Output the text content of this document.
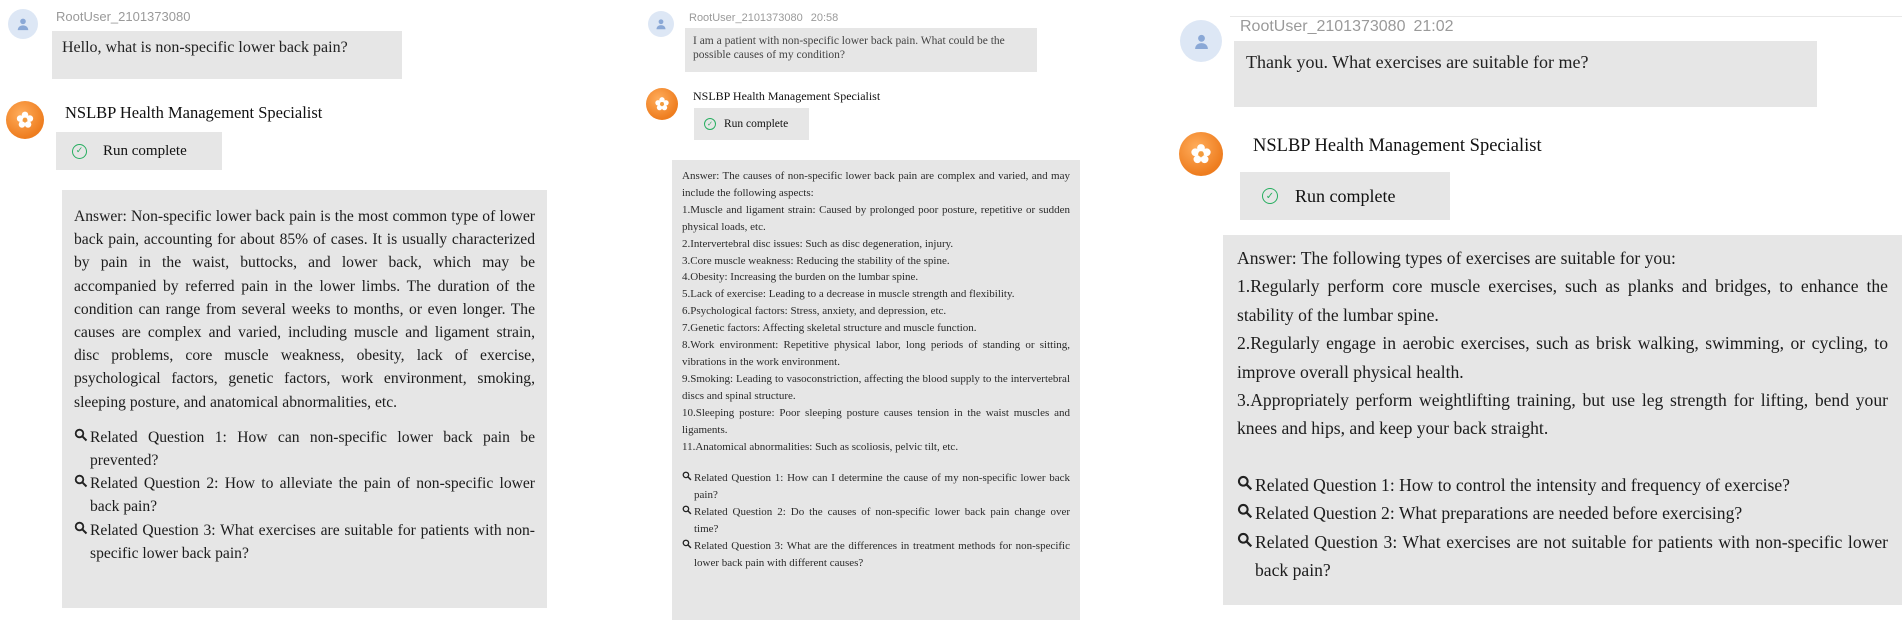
RootUser_2101373080
Hello, what is non-specific lower back pain?
NSLBP Health Management Specialist
✓ Run complete

Answer: Non-specific lower back pain is the most common type of lower back pain, accounting for about 85% of cases. It is usually characterized by pain in the waist, buttocks, and lower back, which may be accompanied by referred pain in the lower limbs. The duration of the condition can range from several weeks to months, or even longer. The causes are complex and varied, including muscle and ligament strain, disc problems, core muscle weakness, obesity, lack of exercise, psychological factors, genetic factors, work environment, smoking, sleeping posture, and anatomical abnormalities, etc.

Related Question 1: How can non-specific lower back pain be prevented?
Related Question 2: How to alleviate the pain of non-specific lower back pain?
Related Question 3: What exercises are suitable for patients with non-specific lower back pain?
RootUser_2101373080 20:58
I am a patient with non-specific lower back pain. What could be the possible causes of my condition?
NSLBP Health Management Specialist
✓ Run complete

Answer: The causes of non-specific lower back pain are complex and varied, and may include the following aspects:

1.Muscle and ligament strain: Caused by prolonged poor posture, repetitive or sudden physical loads, etc.

2.Intervertebral disc issues: Such as disc degeneration, injury.

3.Core muscle weakness: Reducing the stability of the spine.

4.Obesity: Increasing the burden on the lumbar spine.

5.Lack of exercise: Leading to a decrease in muscle strength and flexibility.

6.Psychological factors: Stress, anxiety, and depression, etc.

7.Genetic factors: Affecting skeletal structure and muscle function.

8.Work environment: Repetitive physical labor, long periods of standing or sitting, vibrations in the work environment.

9.Smoking: Leading to vasoconstriction, affecting the blood supply to the intervertebral discs and spinal structure.

10.Sleeping posture: Poor sleeping posture causes tension in the waist muscles and ligaments.

11.Anatomical abnormalities: Such as scoliosis, pelvic tilt, etc.

Related Question 1: How can I determine the cause of my non-specific lower back pain?
Related Question 2: Do the causes of non-specific lower back pain change over time?
Related Question 3: What are the differences in treatment methods for non-specific lower back pain with different causes?
RootUser_2101373080 21:02
Thank you. What exercises are suitable for me?
NSLBP Health Management Specialist
✓ Run complete

Answer: The following types of exercises are suitable for you:

1.Regularly perform core muscle exercises, such as planks and bridges, to enhance the stability of the lumbar spine.

2.Regularly engage in aerobic exercises, such as brisk walking, swimming, or cycling, to improve overall physical health.

3.Appropriately perform weightlifting training, but use leg strength for lifting, bend your knees and hips, and keep your back straight.

Related Question 1: How to control the intensity and frequency of exercise?
Related Question 2: What preparations are needed before exercising?
Related Question 3: What exercises are not suitable for patients with non-specific lower back pain?
